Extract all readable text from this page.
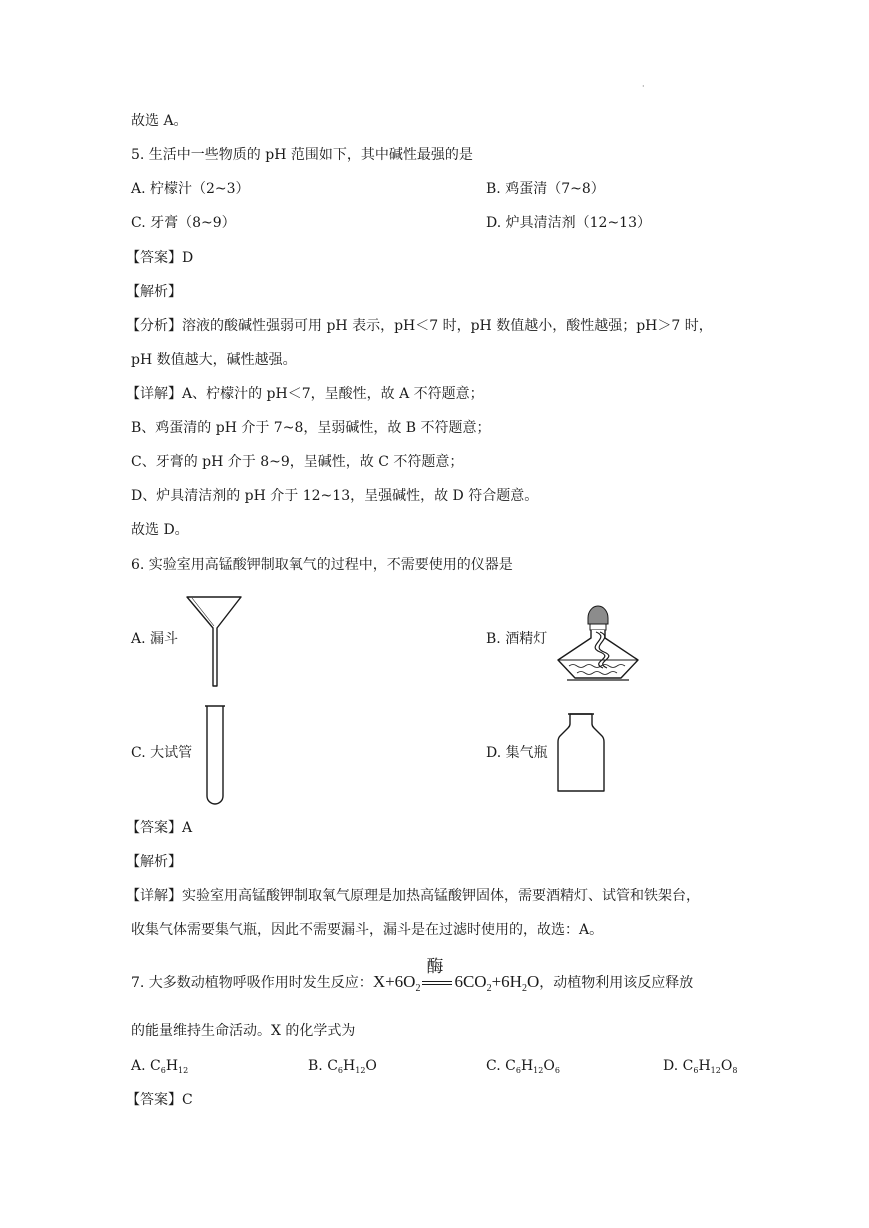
·
故选 A。
5. 生活中一些物质的 pH 范围如下，其中碱性最强的是
A. 柠檬汁（2~3）	B. 鸡蛋清（7~8）
C. 牙膏（8~9）	D. 炉具清洁剂（12~13）
【答案】D
【解析】
【分析】溶液的酸碱性强弱可用 pH 表示，pH＜7 时，pH 数值越小，酸性越强；pH＞7 时，
pH 数值越大，碱性越强。
【详解】A、柠檬汁的 pH＜7，呈酸性，故 A 不符题意；
B、鸡蛋清的 pH 介于 7~8，呈弱碱性，故 B 不符题意；
C、牙膏的 pH 介于 8~9，呈碱性，故 C 不符题意；
D、炉具清洁剂的 pH 介于 12~13，呈强碱性，故 D 符合题意。
故选 D。
6. 实验室用高锰酸钾制取氧气的过程中，不需要使用的仪器是
A. 漏斗	B. 酒精灯
C. 大试管	D. 集气瓶
【答案】A
【解析】
【详解】实验室用高锰酸钾制取氧气原理是加热高锰酸钾固体，需要酒精灯、试管和铁架台，
收集气体需要集气瓶，因此不需要漏斗，漏斗是在过滤时使用的，故选：A。
7. 大多数动植物呼吸作用时发生反应：$X+6O_2$
酶
$6CO_2+6H_2O$，动植物利用该反应释放
的能量维持生命活动。X 的化学式为
A. $C_6H_{12}$	B. $C_6H_{12}O$	C. $C_6H_{12}O_6$	D. $C_6H_{12}O_8$
【答案】C
